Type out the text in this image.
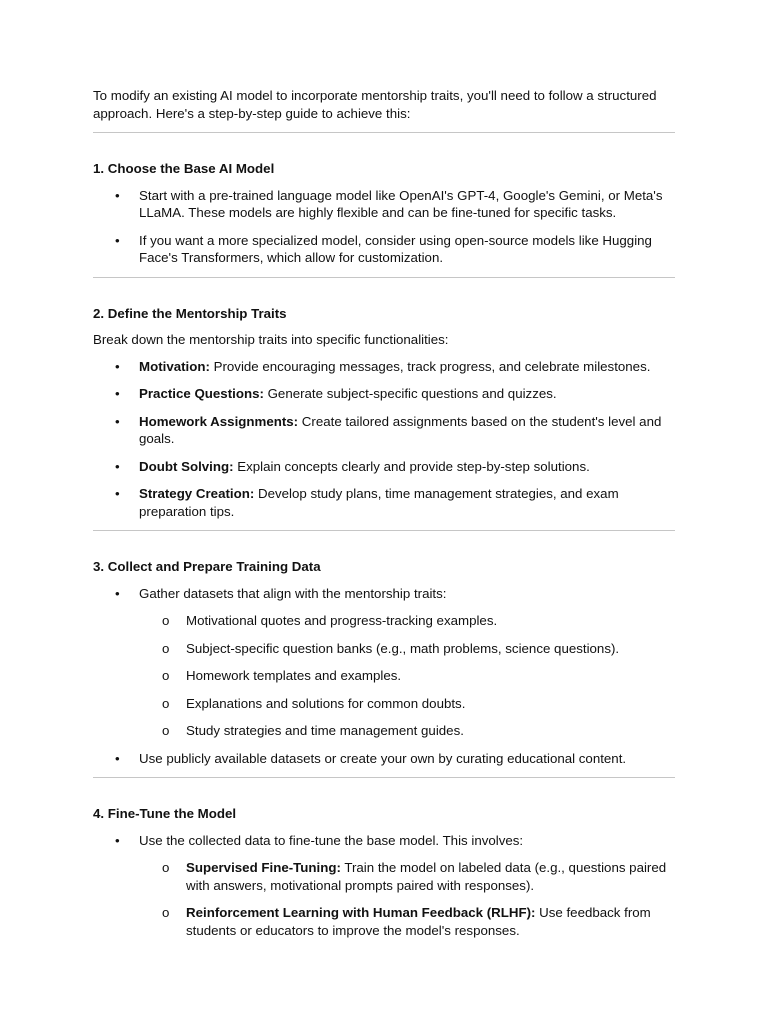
To modify an existing AI model to incorporate mentorship traits, you'll need to follow a structured approach. Here's a step-by-step guide to achieve this:

1. Choose the Base AI Model
• Start with a pre-trained language model like OpenAI's GPT-4, Google's Gemini, or Meta's LLaMA. These models are highly flexible and can be fine-tuned for specific tasks.
• If you want a more specialized model, consider using open-source models like Hugging Face's Transformers, which allow for customization.
2. Define the Mentorship Traits

Break down the mentorship traits into specific functionalities:

• Motivation: Provide encouraging messages, track progress, and celebrate milestones.
• Practice Questions: Generate subject-specific questions and quizzes.
• Homework Assignments: Create tailored assignments based on the student's level and goals.
• Doubt Solving: Explain concepts clearly and provide step-by-step solutions.
• Strategy Creation: Develop study plans, time management strategies, and exam preparation tips.
3. Collect and Prepare Training Data
• Gather datasets that align with the mentorship traits:
o Motivational quotes and progress-tracking examples.
o Subject-specific question banks (e.g., math problems, science questions).
o Homework templates and examples.
o Explanations and solutions for common doubts.
o Study strategies and time management guides.
• Use publicly available datasets or create your own by curating educational content.
4. Fine-Tune the Model
• Use the collected data to fine-tune the base model. This involves:
o Supervised Fine-Tuning: Train the model on labeled data (e.g., questions paired with answers, motivational prompts paired with responses).
o Reinforcement Learning with Human Feedback (RLHF): Use feedback from students or educators to improve the model's responses.
